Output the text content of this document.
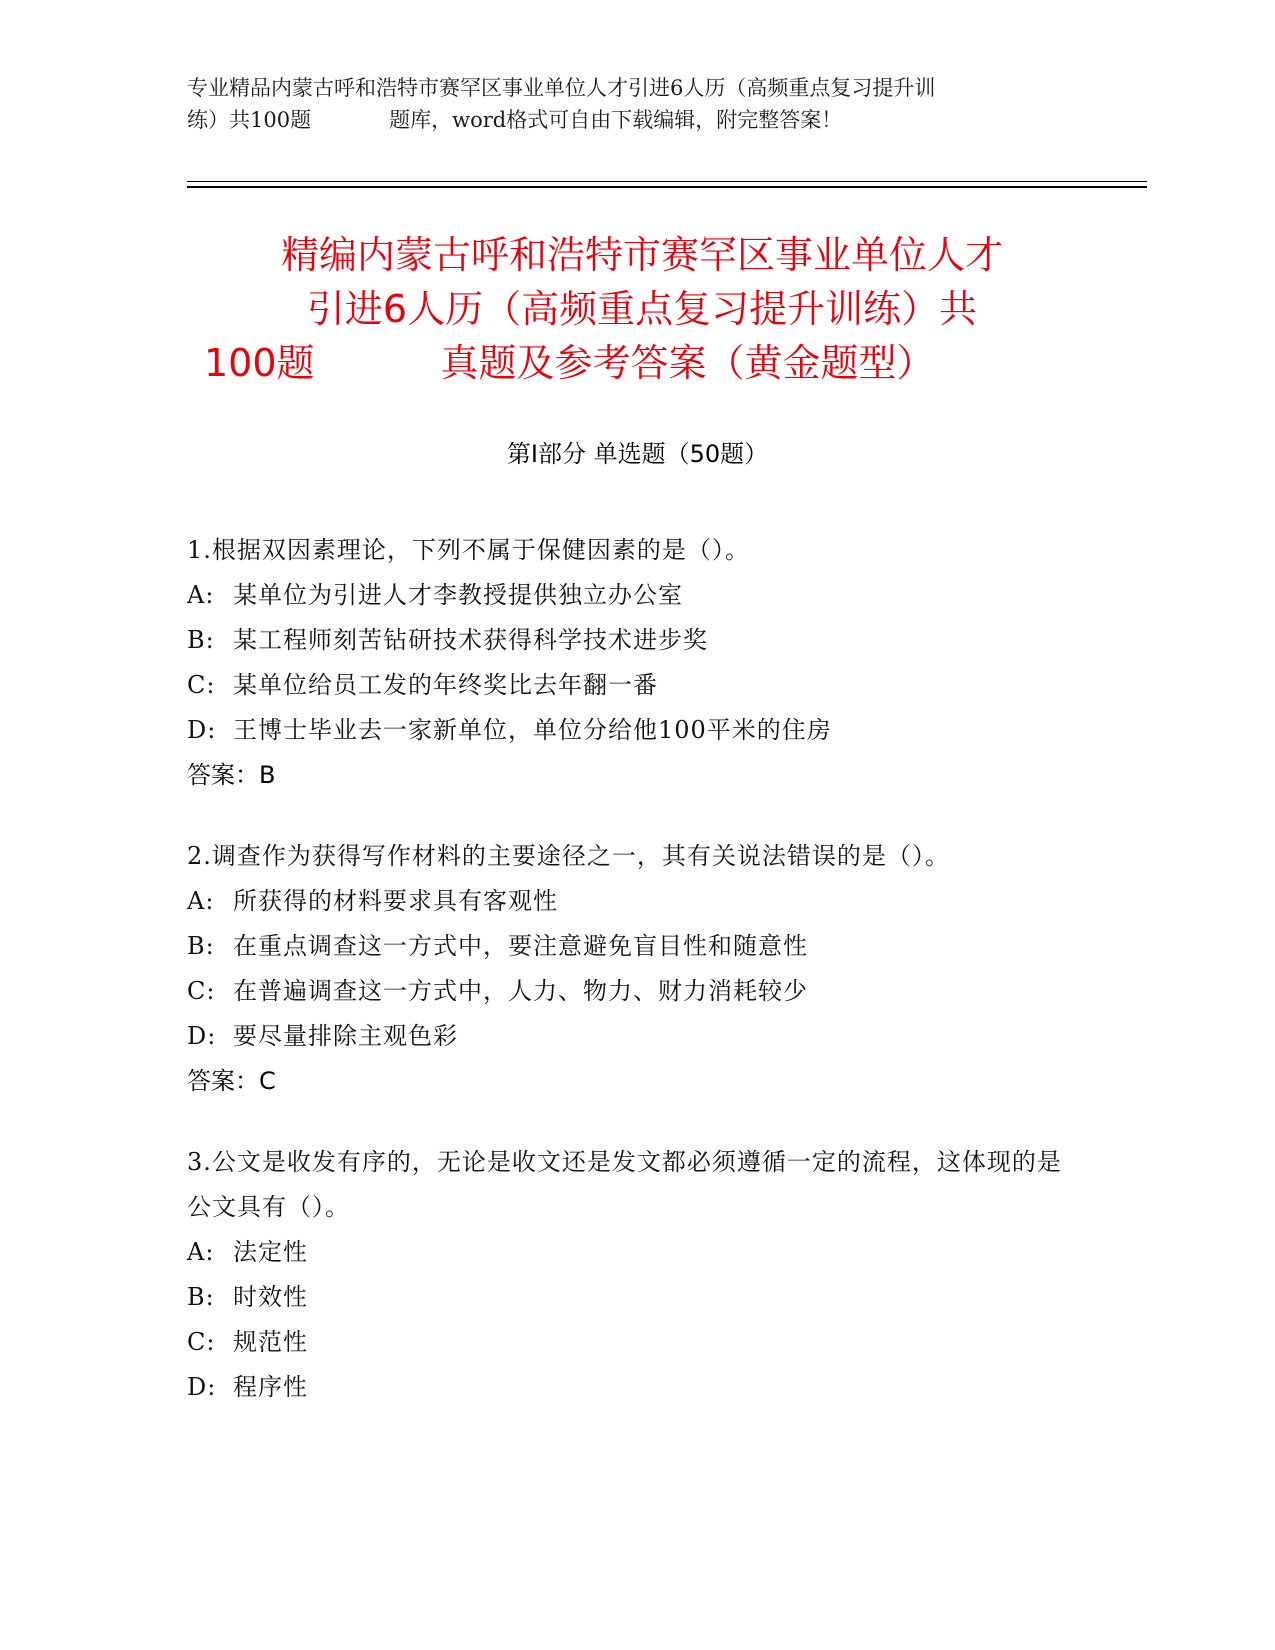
专业精品内蒙古呼和浩特市赛罕区事业单位人才引进6人历（高频重点复习提升训
练）共100题	题库，word格式可自由下载编辑，附完整答案！
精编内蒙古呼和浩特市赛罕区事业单位人才
引进6人历（高频重点复习提升训练）共
100题	真题及参考答案（黄金题型）
第Ⅰ部分 单选题（50题）
1.根据双因素理论，下列不属于保健因素的是（）。
A: 某单位为引进人才李教授提供独立办公室
B: 某工程师刻苦钻研技术获得科学技术进步奖
C: 某单位给员工发的年终奖比去年翻一番
D: 王博士毕业去一家新单位，单位分给他100平米的住房
答案：B
2.调查作为获得写作材料的主要途径之一，其有关说法错误的是（）。
A: 所获得的材料要求具有客观性
B: 在重点调查这一方式中，要注意避免盲目性和随意性
C: 在普遍调查这一方式中，人力、物力、财力消耗较少
D: 要尽量排除主观色彩
答案：C
3.公文是收发有序的，无论是收文还是发文都必须遵循一定的流程，这体现的是公文具有（）。
A: 法定性
B: 时效性
C: 规范性
D: 程序性
